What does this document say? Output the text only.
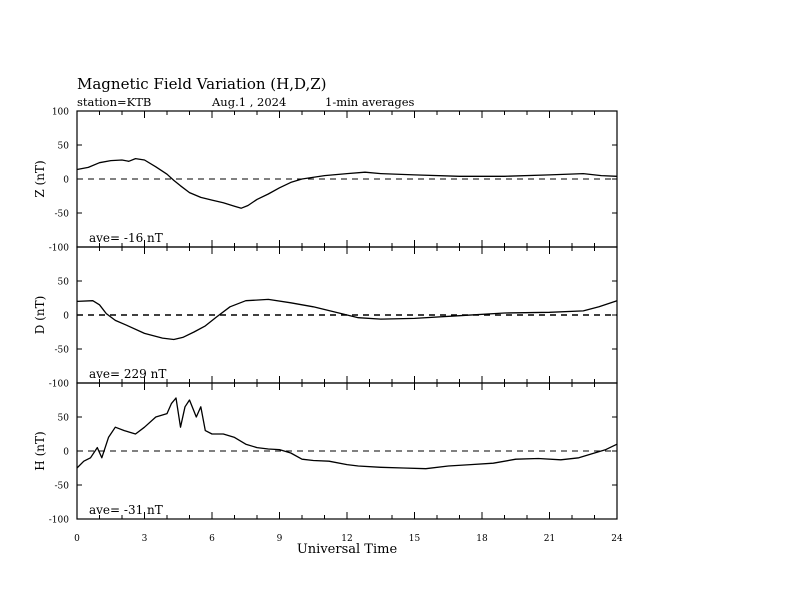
Magnetic Field Variation (H,D,Z)
station=KTB	Aug.1 , 2024	1-min averages
100
50
0
-50
-100
Z (nT)
ave= -16 nT
50
0
-50
-100
D (nT)
ave= 229 nT
50
0
-50
-100
H (nT)
ave= -31 nT
0	3	6	9	12	15	18	21	24
Universal Time
